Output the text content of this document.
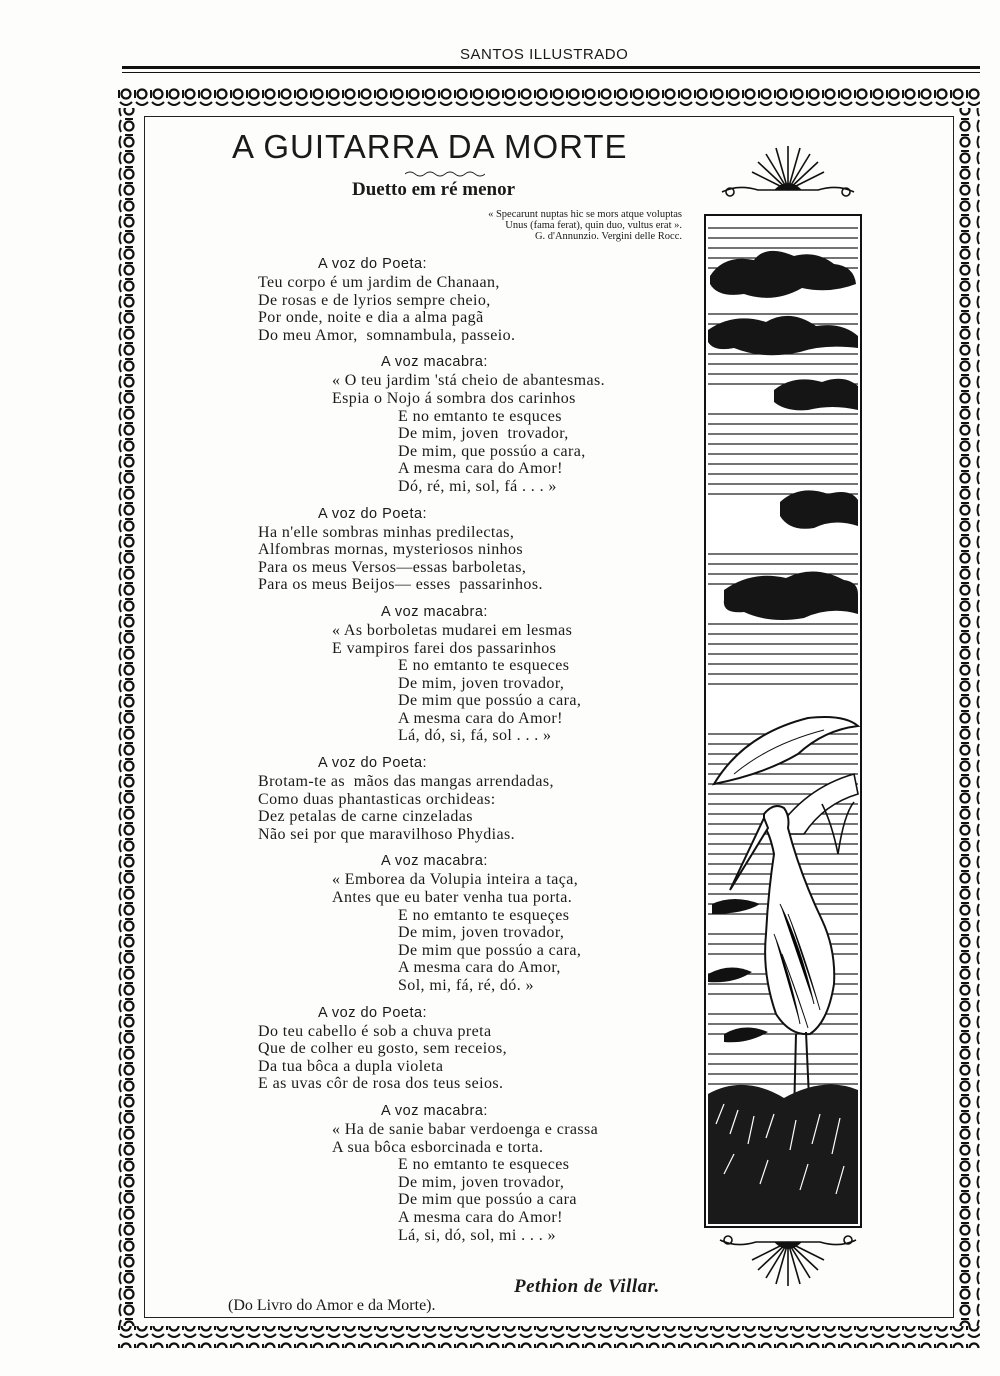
SANTOS ILLUSTRADO
A GUITARRA DA MORTE
Duetto em ré menor
« Specarunt nuptas hic se mors atque voluptas
Unus (fama ferat), quin duo, vultus erat ».
G. d'Annunzio. Vergini delle Rocc.
A voz do Poeta:
Teu corpo é um jardim de Chanaan,
De rosas e de lyrios sempre cheio,
Por onde, noite e dia a alma pagã
Do meu Amor,  somnambula, passeio.
A voz macabra:
« O teu jardim 'stá cheio de abantesmas.
Espia o Nojo á sombra dos carinhos
E no emtanto te esquces
De mim, joven  trovador,
De mim, que possúo a cara,
A mesma cara do Amor!
Dó, ré, mi, sol, fá . . . »
A voz do Poeta:
Ha n'elle sombras minhas predilectas,
Alfombras mornas, mysteriosos ninhos
Para os meus Versos—essas barboletas,
Para os meus Beijos— esses  passarinhos.
A voz macabra:
« As borboletas mudarei em lesmas
E vampiros farei dos passarinhos
E no emtanto te esqueces
De mim, joven trovador,
De mim que possúo a cara,
A mesma cara do Amor!
Lá, dó, si, fá, sol . . . »
A voz do Poeta:
Brotam-te as  mãos das mangas arrendadas,
Como duas phantasticas orchideas:
Dez petalas de carne cinzeladas
Não sei por que maravilhoso Phydias.
A voz macabra:
« Emborea da Volupia inteira a taça,
Antes que eu bater venha tua porta.
E no emtanto te esqueçes
De mim, joven trovador,
De mim que possúo a cara,
A mesma cara do Amor,
Sol, mi, fá, ré, dó. »
A voz do Poeta:
Do teu cabello é sob a chuva preta
Que de colher eu gosto, sem receios,
Da tua bôca a dupla violeta
E as uvas côr de rosa dos teus seios.
A voz macabra:
« Ha de sanie babar verdoenga e crassa
A sua bôca esborcinada e torta.
E no emtanto te esqueces
De mim, joven trovador,
De mim que possúo a cara
A mesma cara do Amor!
Lá, si, dó, sol, mi . . . »
Pethion de Villar.
(Do Livro do Amor e da Morte).
